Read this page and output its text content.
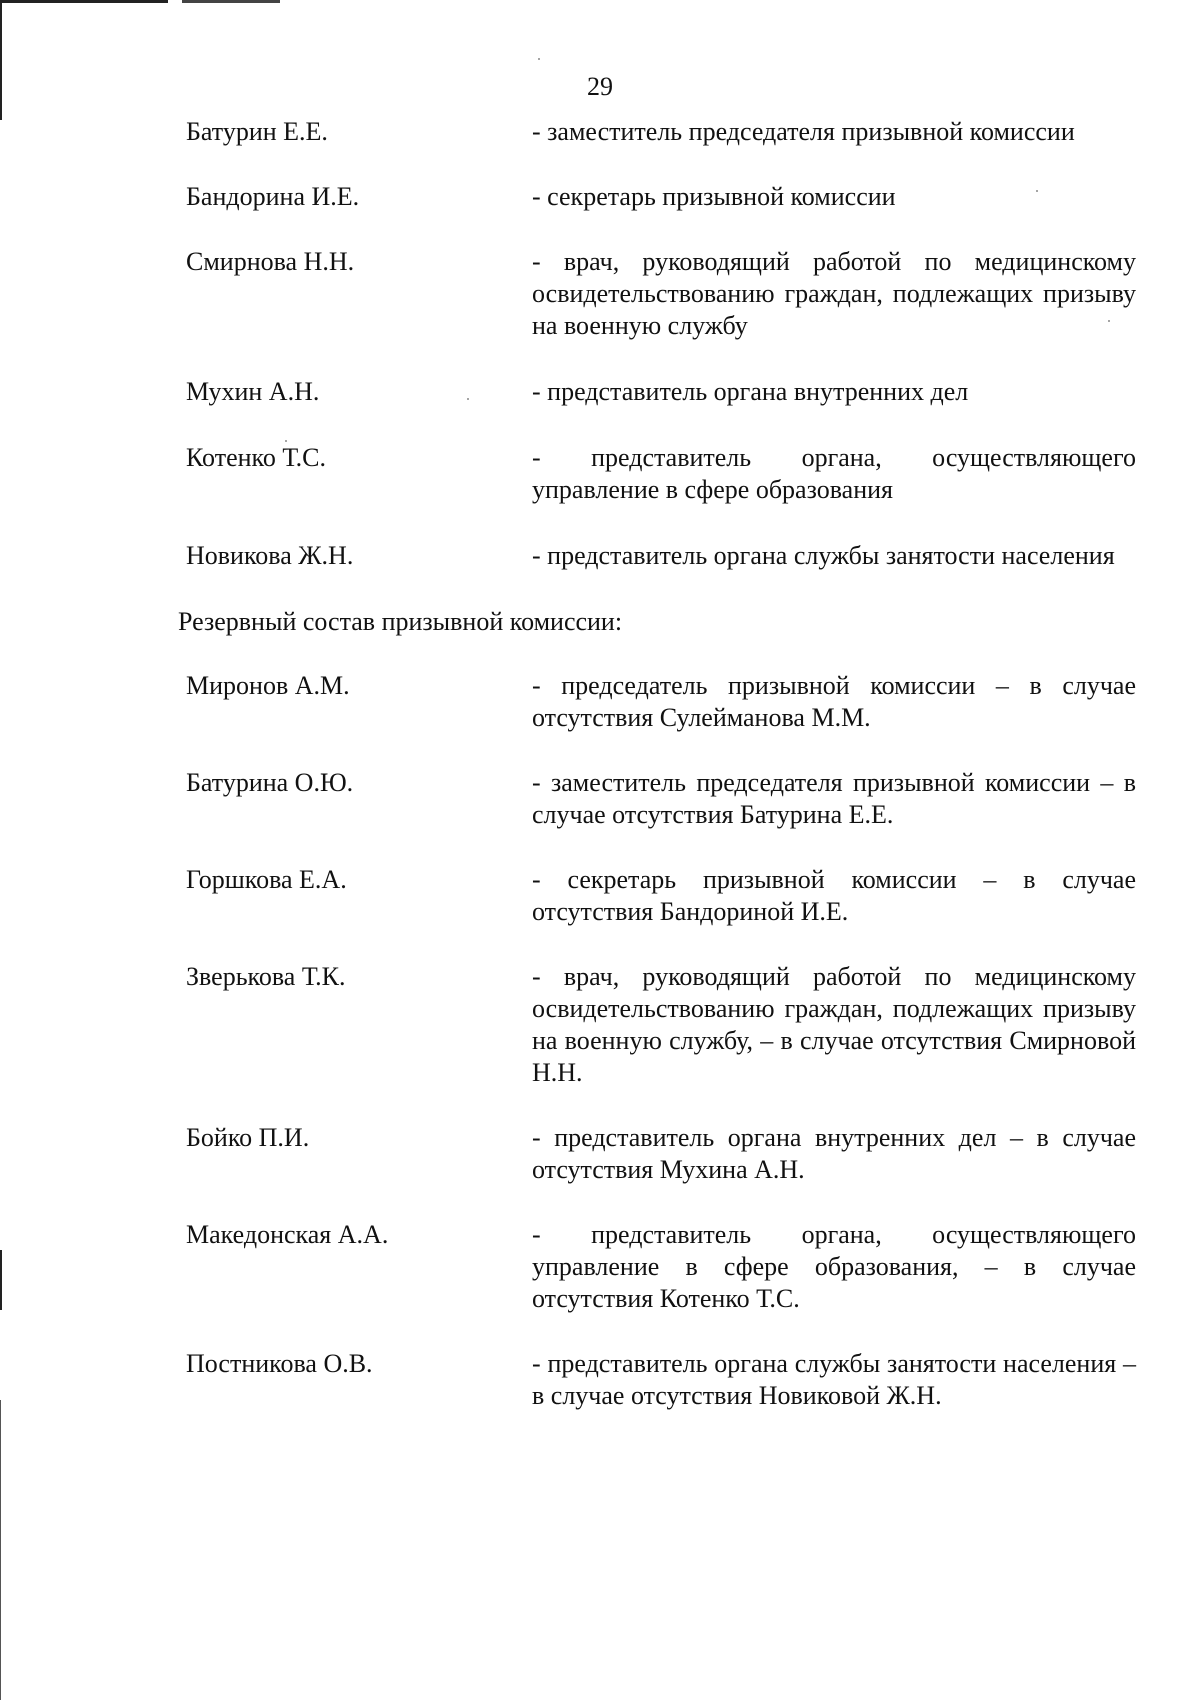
29
Батурин Е.Е.	- заместитель председателя призывной комиссии
Бандорина И.Е.	- секретарь призывной комиссии
Смирнова Н.Н.	- врач, руководящий работой по медицинскому освидетельствованию граждан, подлежащих призыву на военную службу
Мухин А.Н.	- представитель органа внутренних дел
Котенко Т.С.	- представитель органа, осуществляющего управление в сфере образования
Новикова Ж.Н.	- представитель органа службы занятости населения
Резервный состав призывной комиссии:
Миронов А.М.	- председатель призывной комиссии – в случае отсутствия Сулейманова М.М.
Батурина О.Ю.	- заместитель председателя призывной комиссии – в случае отсутствия Батурина Е.Е.
Горшкова Е.А.	- секретарь призывной комиссии – в случае отсутствия Бандориной И.Е.
Зверькова Т.К.	- врач, руководящий работой по медицинскому освидетельствованию граждан, подлежащих призыву на военную службу, – в случае отсутствия Смирновой Н.Н.
Бойко П.И.	- представитель органа внутренних дел – в случае отсутствия Мухина А.Н.
Македонская А.А.	- представитель органа, осуществляющего управление в сфере образования, – в случае отсутствия Котенко Т.С.
Постникова О.В.	- представитель органа службы занятости населения – в случае отсутствия Новиковой Ж.Н.
